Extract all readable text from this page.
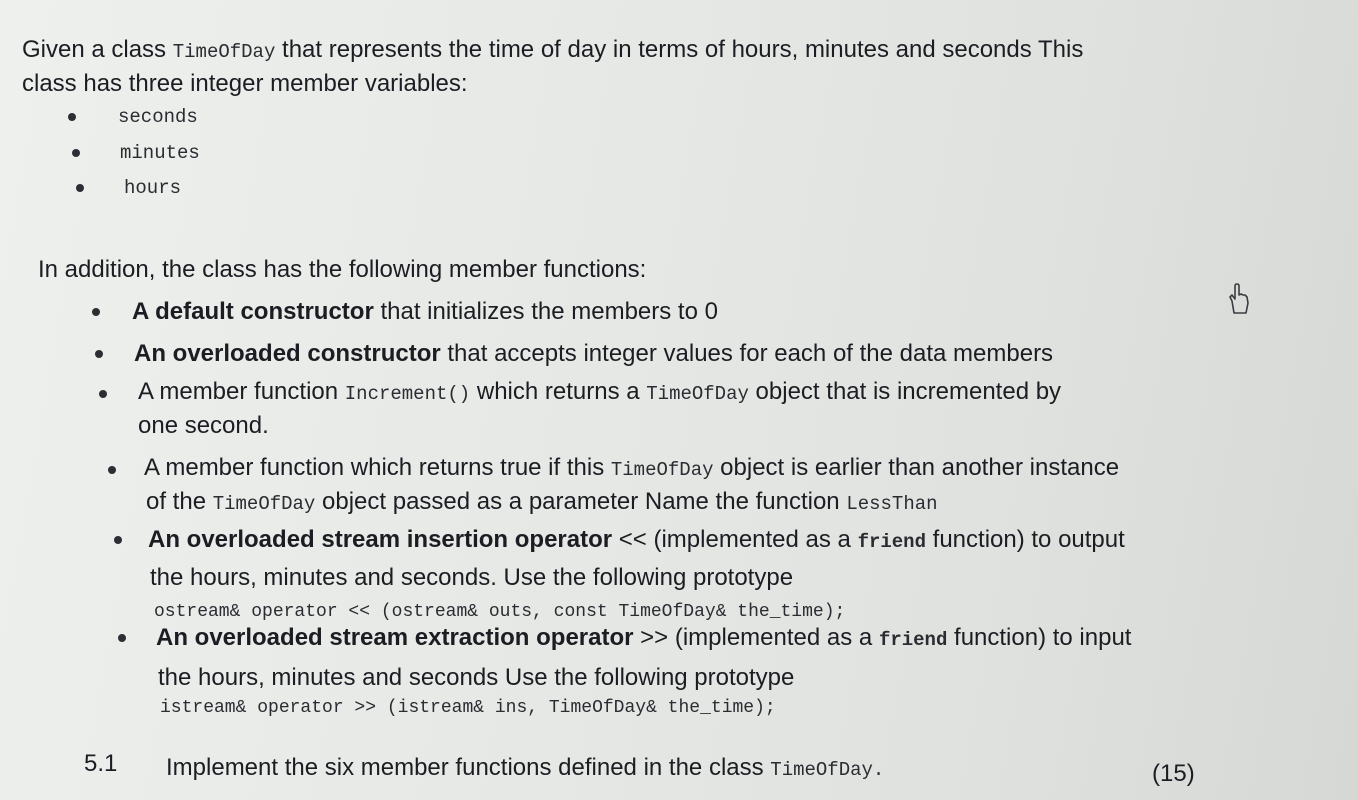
Given a class TimeOfDay that represents the time of day in terms of hours, minutes and seconds This
class has three integer member variables:
seconds
minutes
hours
In addition, the class has the following member functions:
A default constructor that initializes the members to 0
An overloaded constructor that accepts integer values for each of the data members
A member function Increment() which returns a TimeOfDay object that is incremented by
one second.
A member function which returns true if this TimeOfDay object is earlier than another instance
of the TimeOfDay object passed as a parameter Name the function LessThan
An overloaded stream insertion operator << (implemented as a friend function) to output
the hours, minutes and seconds. Use the following prototype
ostream& operator << (ostream& outs, const TimeOfDay& the_time);
An overloaded stream extraction operator >> (implemented as a friend function) to input
the hours, minutes and seconds Use the following prototype
istream& operator >> (istream& ins, TimeOfDay& the_time);
5.1 Implement the six member functions defined in the class TimeOfDay.	(15)
